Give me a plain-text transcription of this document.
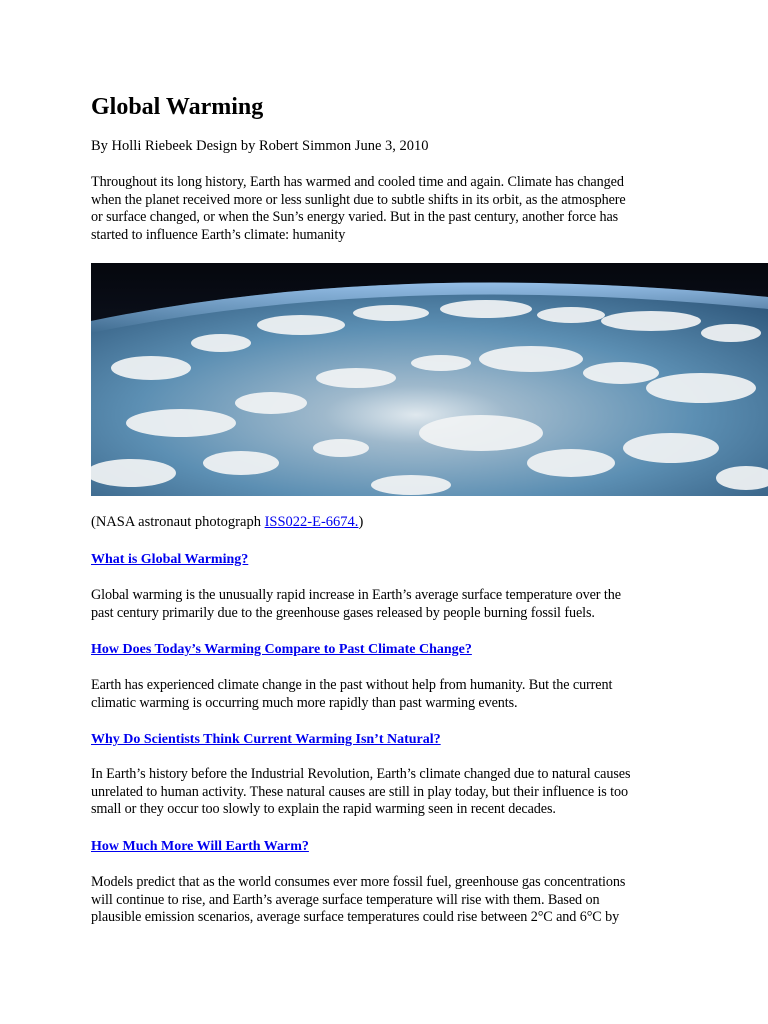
Global Warming

By Holli Riebeek Design by Robert Simmon June 3, 2010

Throughout its long history, Earth has warmed and cooled time and again. Climate has changed
when the planet received more or less sunlight due to subtle shifts in its orbit, as the atmosphere
or surface changed, or when the Sun’s energy varied. But in the past century, another force has
started to influence Earth’s climate: humanity

(NASA astronaut photograph ISS022-E-6674.)

What is Global Warming?

Global warming is the unusually rapid increase in Earth’s average surface temperature over the
past century primarily due to the greenhouse gases released by people burning fossil fuels.

How Does Today’s Warming Compare to Past Climate Change?

Earth has experienced climate change in the past without help from humanity. But the current
climatic warming is occurring much more rapidly than past warming events.

Why Do Scientists Think Current Warming Isn’t Natural?

In Earth’s history before the Industrial Revolution, Earth’s climate changed due to natural causes
unrelated to human activity. These natural causes are still in play today, but their influence is too
small or they occur too slowly to explain the rapid warming seen in recent decades.

How Much More Will Earth Warm?

Models predict that as the world consumes ever more fossil fuel, greenhouse gas concentrations
will continue to rise, and Earth’s average surface temperature will rise with them. Based on
plausible emission scenarios, average surface temperatures could rise between 2°C and 6°C by
